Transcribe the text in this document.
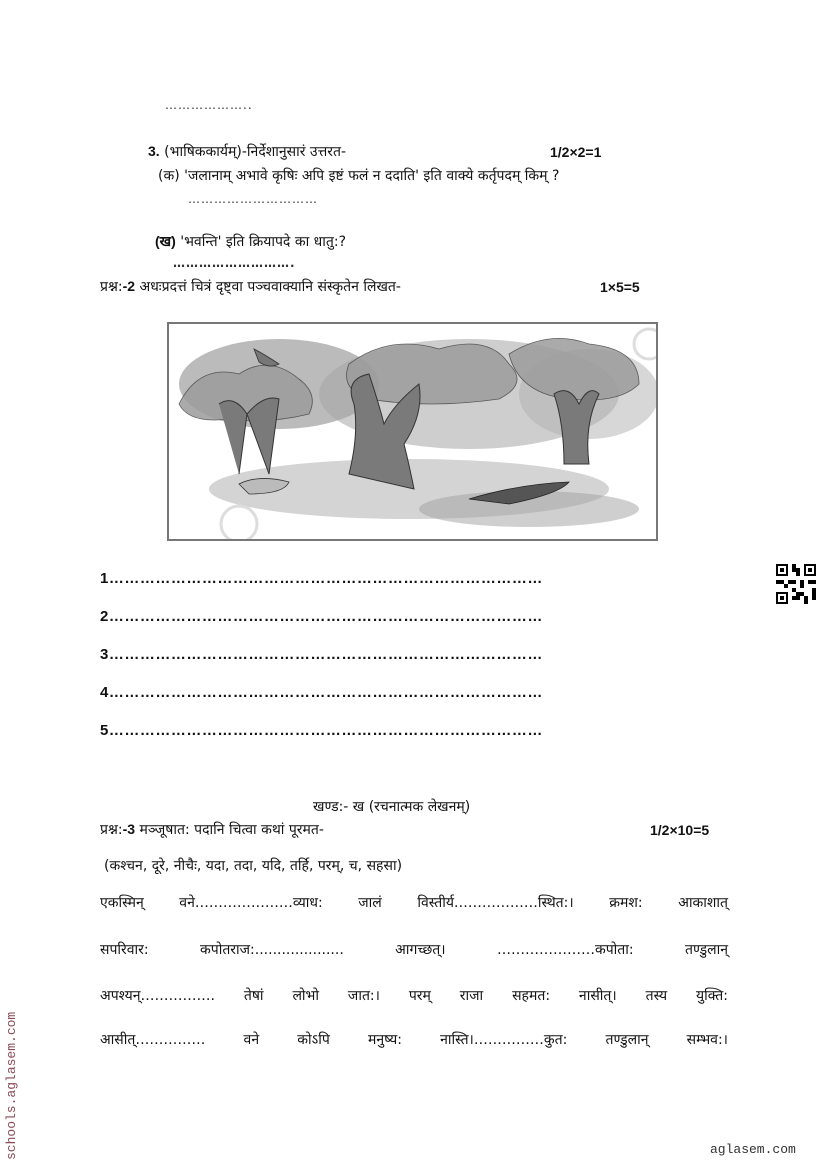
………………..
3. (भाषिककार्यम्)-निर्देशानुसारं उत्तरत-	1/2×2=1
(क) 'जलानाम् अभावे कृषिः अपि इष्टं फलं न ददाति' इति वाक्ये कर्तृपदम् किम् ?
…………………………
(ख) 'भवन्ति' इति क्रियापदे का धातु:?
……………………….
प्रश्न:-2 अधःप्रदत्तं चित्रं दृष्ट्वा पञ्चवाक्यानि संस्कृतेन लिखत-	1×5=5
1…………………………………………………………………………
2…………………………………………………………………………
3…………………………………………………………………………
4…………………………………………………………………………
5…………………………………………………………………………
खण्ड:- ख (रचनात्मक लेखनम्)
प्रश्न:-3 मञ्जूषात: पदानि चित्वा कथां पूरमत-	1/2×10=5
(कश्चन, दूरे, नीचैः, यदा, तदा, यदि, तर्हि, परम्, च, सहसा)
एकस्मिन् वने…………………व्याध: जालं विस्तीर्य………………स्थित:। क्रमश: आकाशात्
सपरिवार: कपोतराज:.................... आगच्छत्। …………………कपोता: तण्डुलान्
अपश्यन्……………. तेषां लोभो जात:। परम् राजा सहमत: नासीत्। तस्य युक्ति:
आसीत्…………… वने कोऽपि मनुष्य: नास्ति।……………कुत: तण्डुलान् सम्भव:।
schools.aglasem.com	aglasem.com
